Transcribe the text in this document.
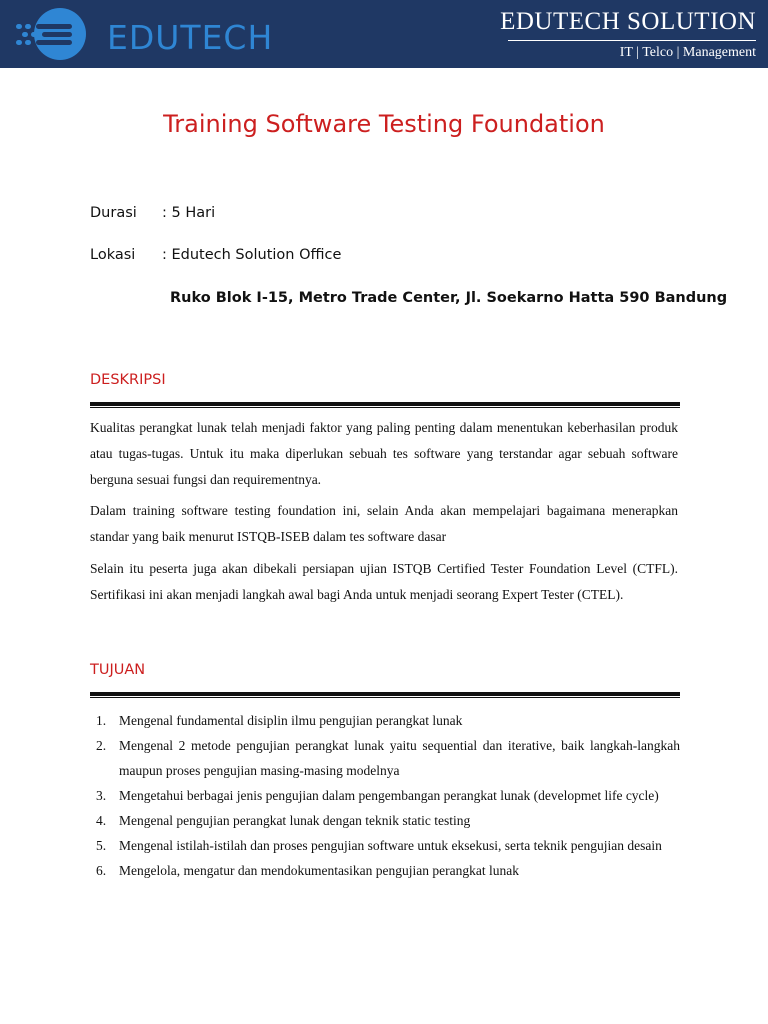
EDUTECH	EDUTECH SOLUTION
IT | Telco | Management
Training Software Testing Foundation
Durasi : 5 Hari
Lokasi : Edutech Solution Office
Ruko Blok I-15, Metro Trade Center, Jl. Soekarno Hatta 590 Bandung
DESKRIPSI
Kualitas perangkat lunak telah menjadi faktor yang paling penting dalam menentukan keberhasilan produk atau tugas-tugas. Untuk itu maka diperlukan sebuah tes software yang terstandar agar sebuah software berguna sesuai fungsi dan requirementnya.
Dalam training software testing foundation ini, selain Anda akan mempelajari bagaimana menerapkan standar yang baik menurut ISTQB-ISEB dalam tes software dasar
Selain itu peserta juga akan dibekali persiapan ujian ISTQB Certified Tester Foundation Level (CTFL). Sertifikasi ini akan menjadi langkah awal bagi Anda untuk menjadi seorang Expert Tester (CTEL).
TUJUAN
1. Mengenal fundamental disiplin ilmu pengujian perangkat lunak
2. Mengenal 2 metode pengujian perangkat lunak yaitu sequential dan iterative, baik langkah-langkah maupun proses pengujian masing-masing modelnya
3. Mengetahui berbagai jenis pengujian dalam pengembangan perangkat lunak (developmet life cycle)
4. Mengenal pengujian perangkat lunak dengan teknik static testing
5. Mengenal istilah-istilah dan proses pengujian software untuk eksekusi, serta teknik pengujian desain
6. Mengelola, mengatur dan mendokumentasikan pengujian perangkat lunak
